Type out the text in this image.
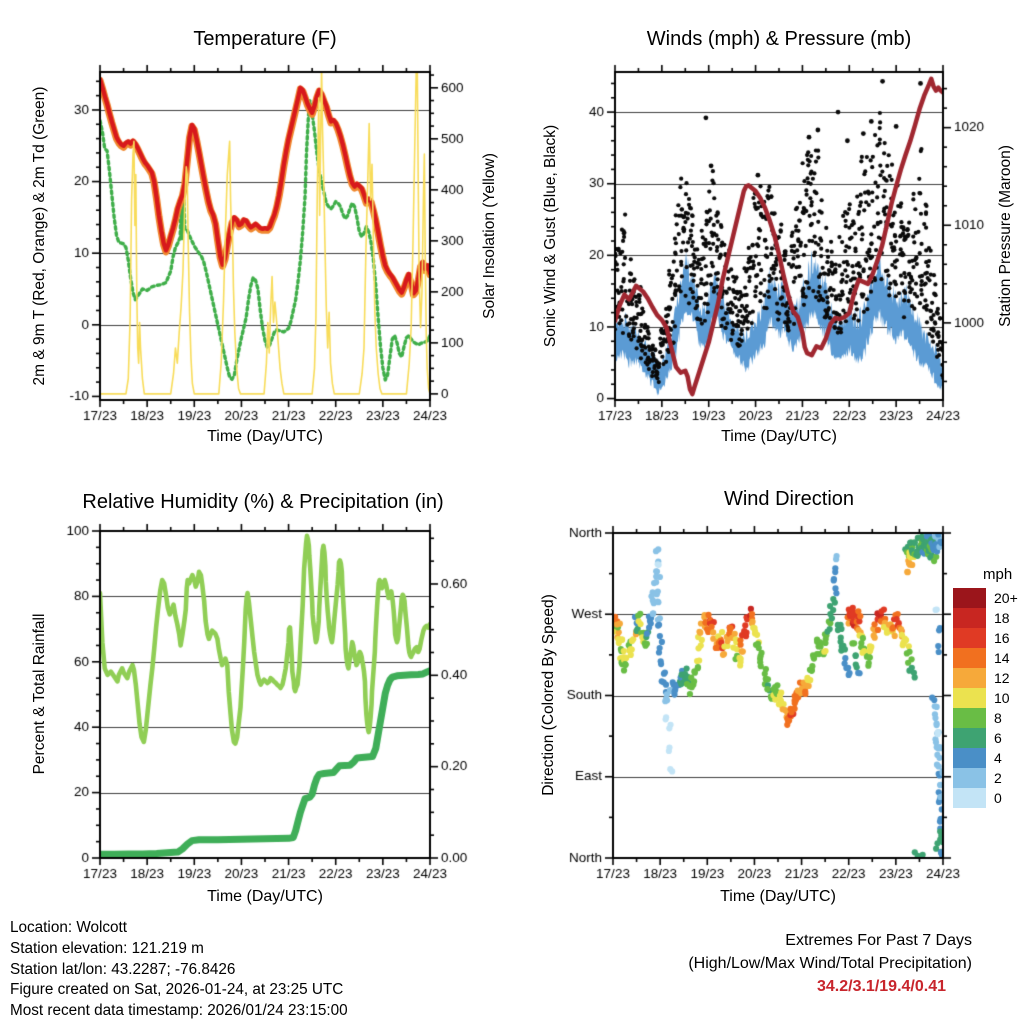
Temperature (F)	Winds (mph) & Pressure (mb)
Relative Humidity (%) & Precipitation (in)	Wind Direction
Time (Day/UTC)	Time (Day/UTC)
Time (Day/UTC)	Time (Day/UTC)
2m & 9m T (Red, Orange) & 2m Td (Green)	Solar Insolation (Yellow)	Sonic Wind & Gust (Blue, Black)	Station Pressure (Maroon)
Percent & Total Rainfall	Direction (Colored By Speed)
mph
20+
18
16
14
12
10
8
6
4
2
0
Location: Wolcott
Station elevation: 121.219 m
Station lat/lon: 43.2287; -76.8426
Figure created on Sat, 2026-01-24, at 23:25 UTC
Most recent data timestamp: 2026/01/24 23:15:00
Extremes For Past 7 Days
(High/Low/Max Wind/Total Precipitation)
34.2/3.1/19.4/0.41
